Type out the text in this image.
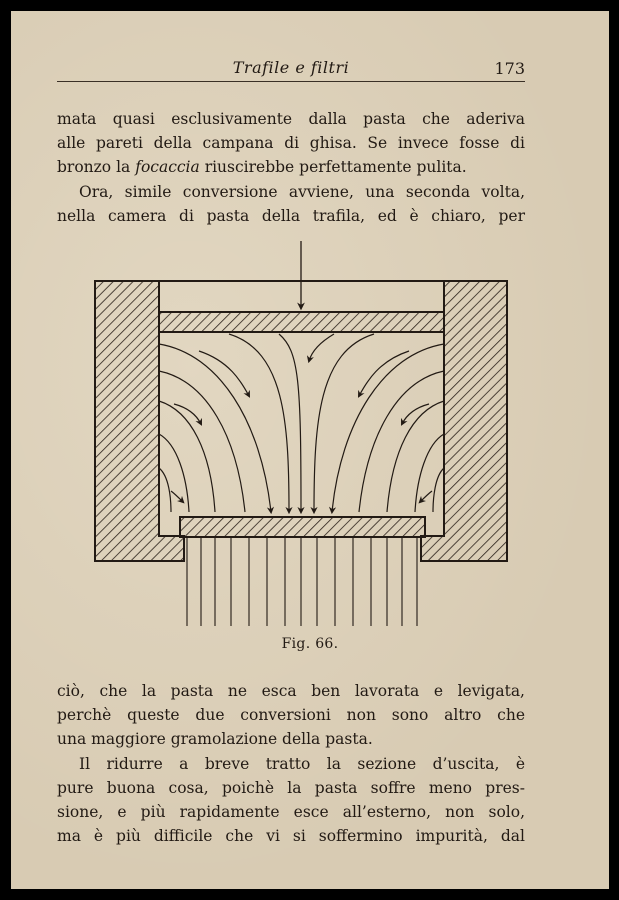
Trafile e filtri	173
mata quasi esclusivamente dalla pasta che aderiva
alle pareti della campana di ghisa. Se invece fosse di
bronzo la focaccia riuscirebbe perfettamente pulita.
Ora, simile conversione avviene, una seconda volta,
nella camera di pasta della trafila, ed è chiaro, per
Fig. 66.
ciò, che la pasta ne esca ben lavorata e levigata,
perchè queste due conversioni non sono altro che
una maggiore gramolazione della pasta.
Il ridurre a breve tratto la sezione d’uscita, è
pure buona cosa, poichè la pasta soffre meno pres-
sione, e più rapidamente esce all’esterno, non solo,
ma è più difficile che vi si soffermino impurità, dal
